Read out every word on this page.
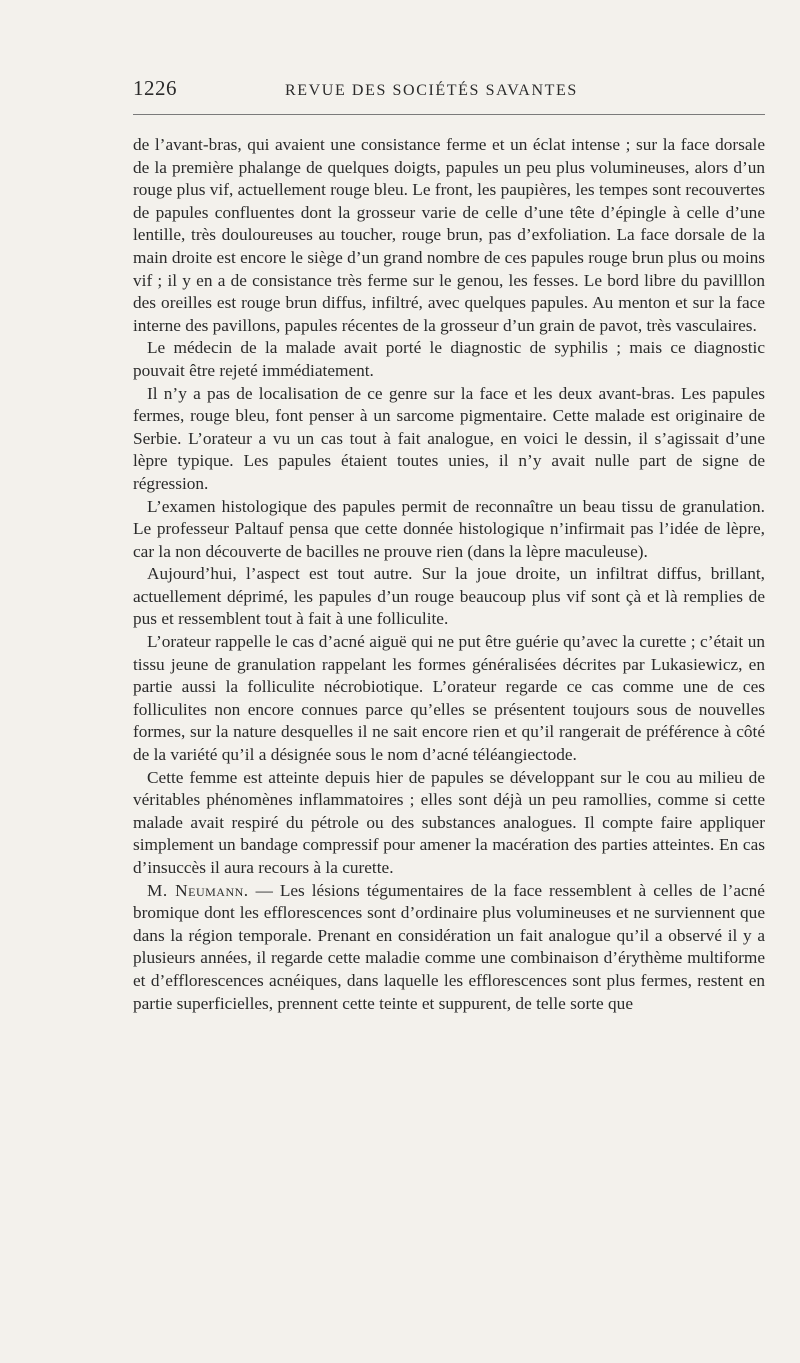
1226	REVUE DES SOCIÉTÉS SAVANTES

de l’avant-bras, qui avaient une consistance ferme et un éclat intense ; sur la face dorsale de la première phalange de quelques doigts, papules un peu plus volumineuses, alors d’un rouge plus vif, actuellement rouge bleu. Le front, les paupières, les tempes sont recouvertes de papules confluentes dont la grosseur varie de celle d’une tête d’épingle à celle d’une lentille, très douloureuses au toucher, rouge brun, pas d’exfoliation. La face dorsale de la main droite est encore le siège d’un grand nombre de ces papules rouge brun plus ou moins vif ; il y en a de consistance très ferme sur le genou, les fesses. Le bord libre du pavilllon des oreilles est rouge brun diffus, infiltré, avec quelques papules. Au menton et sur la face interne des pavillons, papules récentes de la grosseur d’un grain de pavot, très vasculaires.

Le médecin de la malade avait porté le diagnostic de syphilis ; mais ce diagnostic pouvait être rejeté immédiatement.

Il n’y a pas de localisation de ce genre sur la face et les deux avant-bras. Les papules fermes, rouge bleu, font penser à un sarcome pigmentaire. Cette malade est originaire de Serbie. L’orateur a vu un cas tout à fait analogue, en voici le dessin, il s’agissait d’une lèpre typique. Les papules étaient toutes unies, il n’y avait nulle part de signe de régression.

L’examen histologique des papules permit de reconnaître un beau tissu de granulation. Le professeur Paltauf pensa que cette donnée histologique n’infirmait pas l’idée de lèpre, car la non découverte de bacilles ne prouve rien (dans la lèpre maculeuse).

Aujourd’hui, l’aspect est tout autre. Sur la joue droite, un infiltrat diffus, brillant, actuellement déprimé, les papules d’un rouge beaucoup plus vif sont çà et là remplies de pus et ressemblent tout à fait à une folliculite.

L’orateur rappelle le cas d’acné aiguë qui ne put être guérie qu’avec la curette ; c’était un tissu jeune de granulation rappelant les formes généralisées décrites par Lukasiewicz, en partie aussi la folliculite nécrobiotique. L’orateur regarde ce cas comme une de ces folliculites non encore connues parce qu’elles se présentent toujours sous de nouvelles formes, sur la nature desquelles il ne sait encore rien et qu’il rangerait de préférence à côté de la variété qu’il a désignée sous le nom d’acné téléangiectode.

Cette femme est atteinte depuis hier de papules se développant sur le cou au milieu de véritables phénomènes inflammatoires ; elles sont déjà un peu ramollies, comme si cette malade avait respiré du pétrole ou des substances analogues. Il compte faire appliquer simplement un bandage compressif pour amener la macération des parties atteintes. En cas d’insuccès il aura recours à la curette.

M. Neumann. — Les lésions tégumentaires de la face ressemblent à celles de l’acné bromique dont les efflorescences sont d’ordinaire plus volumineuses et ne surviennent que dans la région temporale. Prenant en considération un fait analogue qu’il a observé il y a plusieurs années, il regarde cette maladie comme une combinaison d’érythème multiforme et d’efflorescences acnéiques, dans laquelle les efflorescences sont plus fermes, restent en partie superficielles, prennent cette teinte et suppurent, de telle sorte que
